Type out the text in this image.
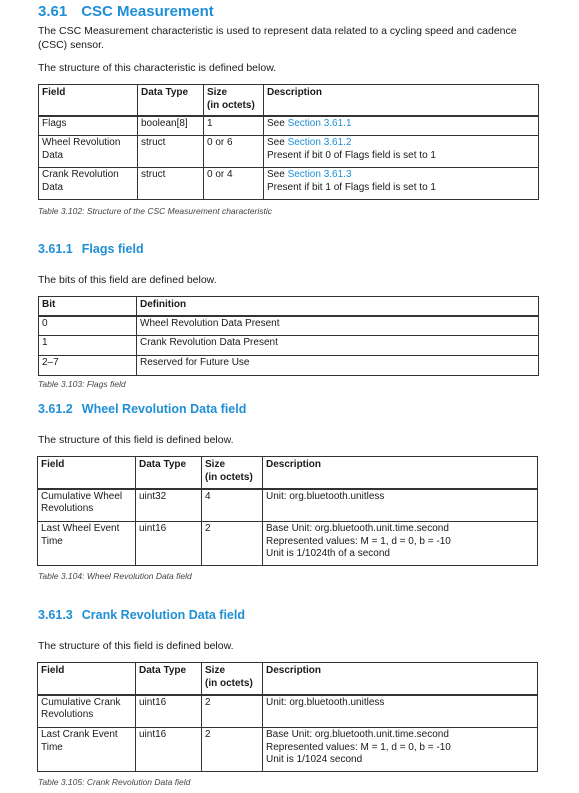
3.61 CSC Measurement
The CSC Measurement characteristic is used to represent data related to a cycling speed and cadence (CSC) sensor.
The structure of this characteristic is defined below.
Field	Data Type	Size
(in octets)	Description
Flags	boolean[8]	1	See Section 3.61.1

Wheel Revolution
Data	struct	0 or 6	See Section 3.61.2
Present if bit 0 of Flags field is set to 1

Crank Revolution
Data	struct	0 or 4	See Section 3.61.3
Present if bit 1 of Flags field is set to 1
Table 3.102: Structure of the CSC Measurement characteristic
3.61.1 Flags field
The bits of this field are defined below.
Bit	Definition
0	Wheel Revolution Data Present
1	Crank Revolution Data Present
2–7	Reserved for Future Use
Table 3.103: Flags field
3.61.2 Wheel Revolution Data field
The structure of this field is defined below.
Field	Data Type	Size
(in octets)	Description

Cumulative Wheel
Revolutions	uint32	4	Unit: org.bluetooth.unitless

Last Wheel Event
Time	uint16	2	Base Unit: org.bluetooth.unit.time.second
Represented values: M = 1, d = 0, b = -10
Unit is 1/1024th of a second
Table 3.104: Wheel Revolution Data field
3.61.3 Crank Revolution Data field
The structure of this field is defined below.
Field	Data Type	Size
(in octets)	Description

Cumulative Crank
Revolutions	uint16	2	Unit: org.bluetooth.unitless

Last Crank Event
Time	uint16	2	Base Unit: org.bluetooth.unit.time.second
Represented values: M = 1, d = 0, b = -10
Unit is 1/1024 second
Table 3.105: Crank Revolution Data field
